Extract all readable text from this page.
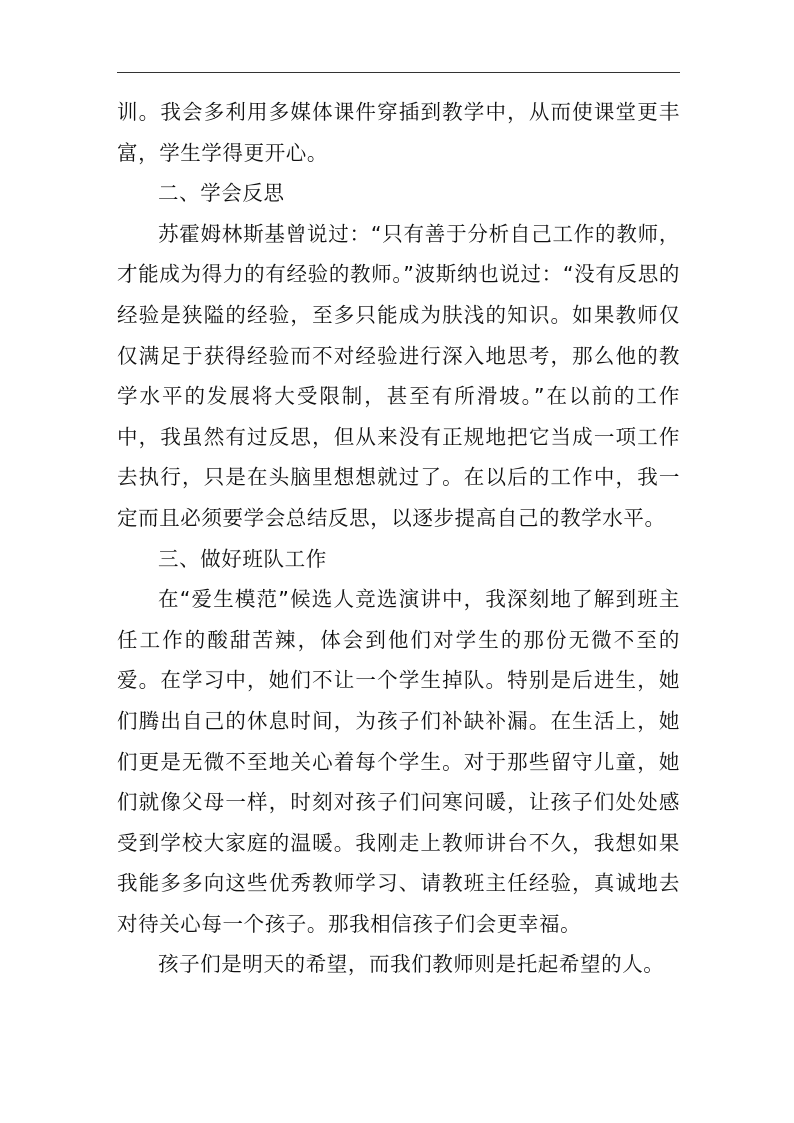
训。我会多利用多媒体课件穿插到教学中，从而使课堂更丰富，学生学得更开心。

二、学会反思

苏霍姆林斯基曾说过：“只有善于分析自己工作的教师，才能成为得力的有经验的教师。”波斯纳也说过：“没有反思的经验是狭隘的经验，至多只能成为肤浅的知识。如果教师仅仅满足于获得经验而不对经验进行深入地思考，那么他的教学水平的发展将大受限制，甚至有所滑坡。”在以前的工作中，我虽然有过反思，但从来没有正规地把它当成一项工作去执行，只是在头脑里想想就过了。在以后的工作中，我一定而且必须要学会总结反思，以逐步提高自己的教学水平。

三、做好班队工作

在“爱生模范”候选人竞选演讲中，我深刻地了解到班主任工作的酸甜苦辣，体会到他们对学生的那份无微不至的爱。在学习中，她们不让一个学生掉队。特别是后进生，她们腾出自己的休息时间，为孩子们补缺补漏。在生活上，她们更是无微不至地关心着每个学生。对于那些留守儿童，她们就像父母一样，时刻对孩子们问寒问暖，让孩子们处处感受到学校大家庭的温暖。我刚走上教师讲台不久，我想如果我能多多向这些优秀教师学习、请教班主任经验，真诚地去对待关心每一个孩子。那我相信孩子们会更幸福。

孩子们是明天的希望，而我们教师则是托起希望的人。
